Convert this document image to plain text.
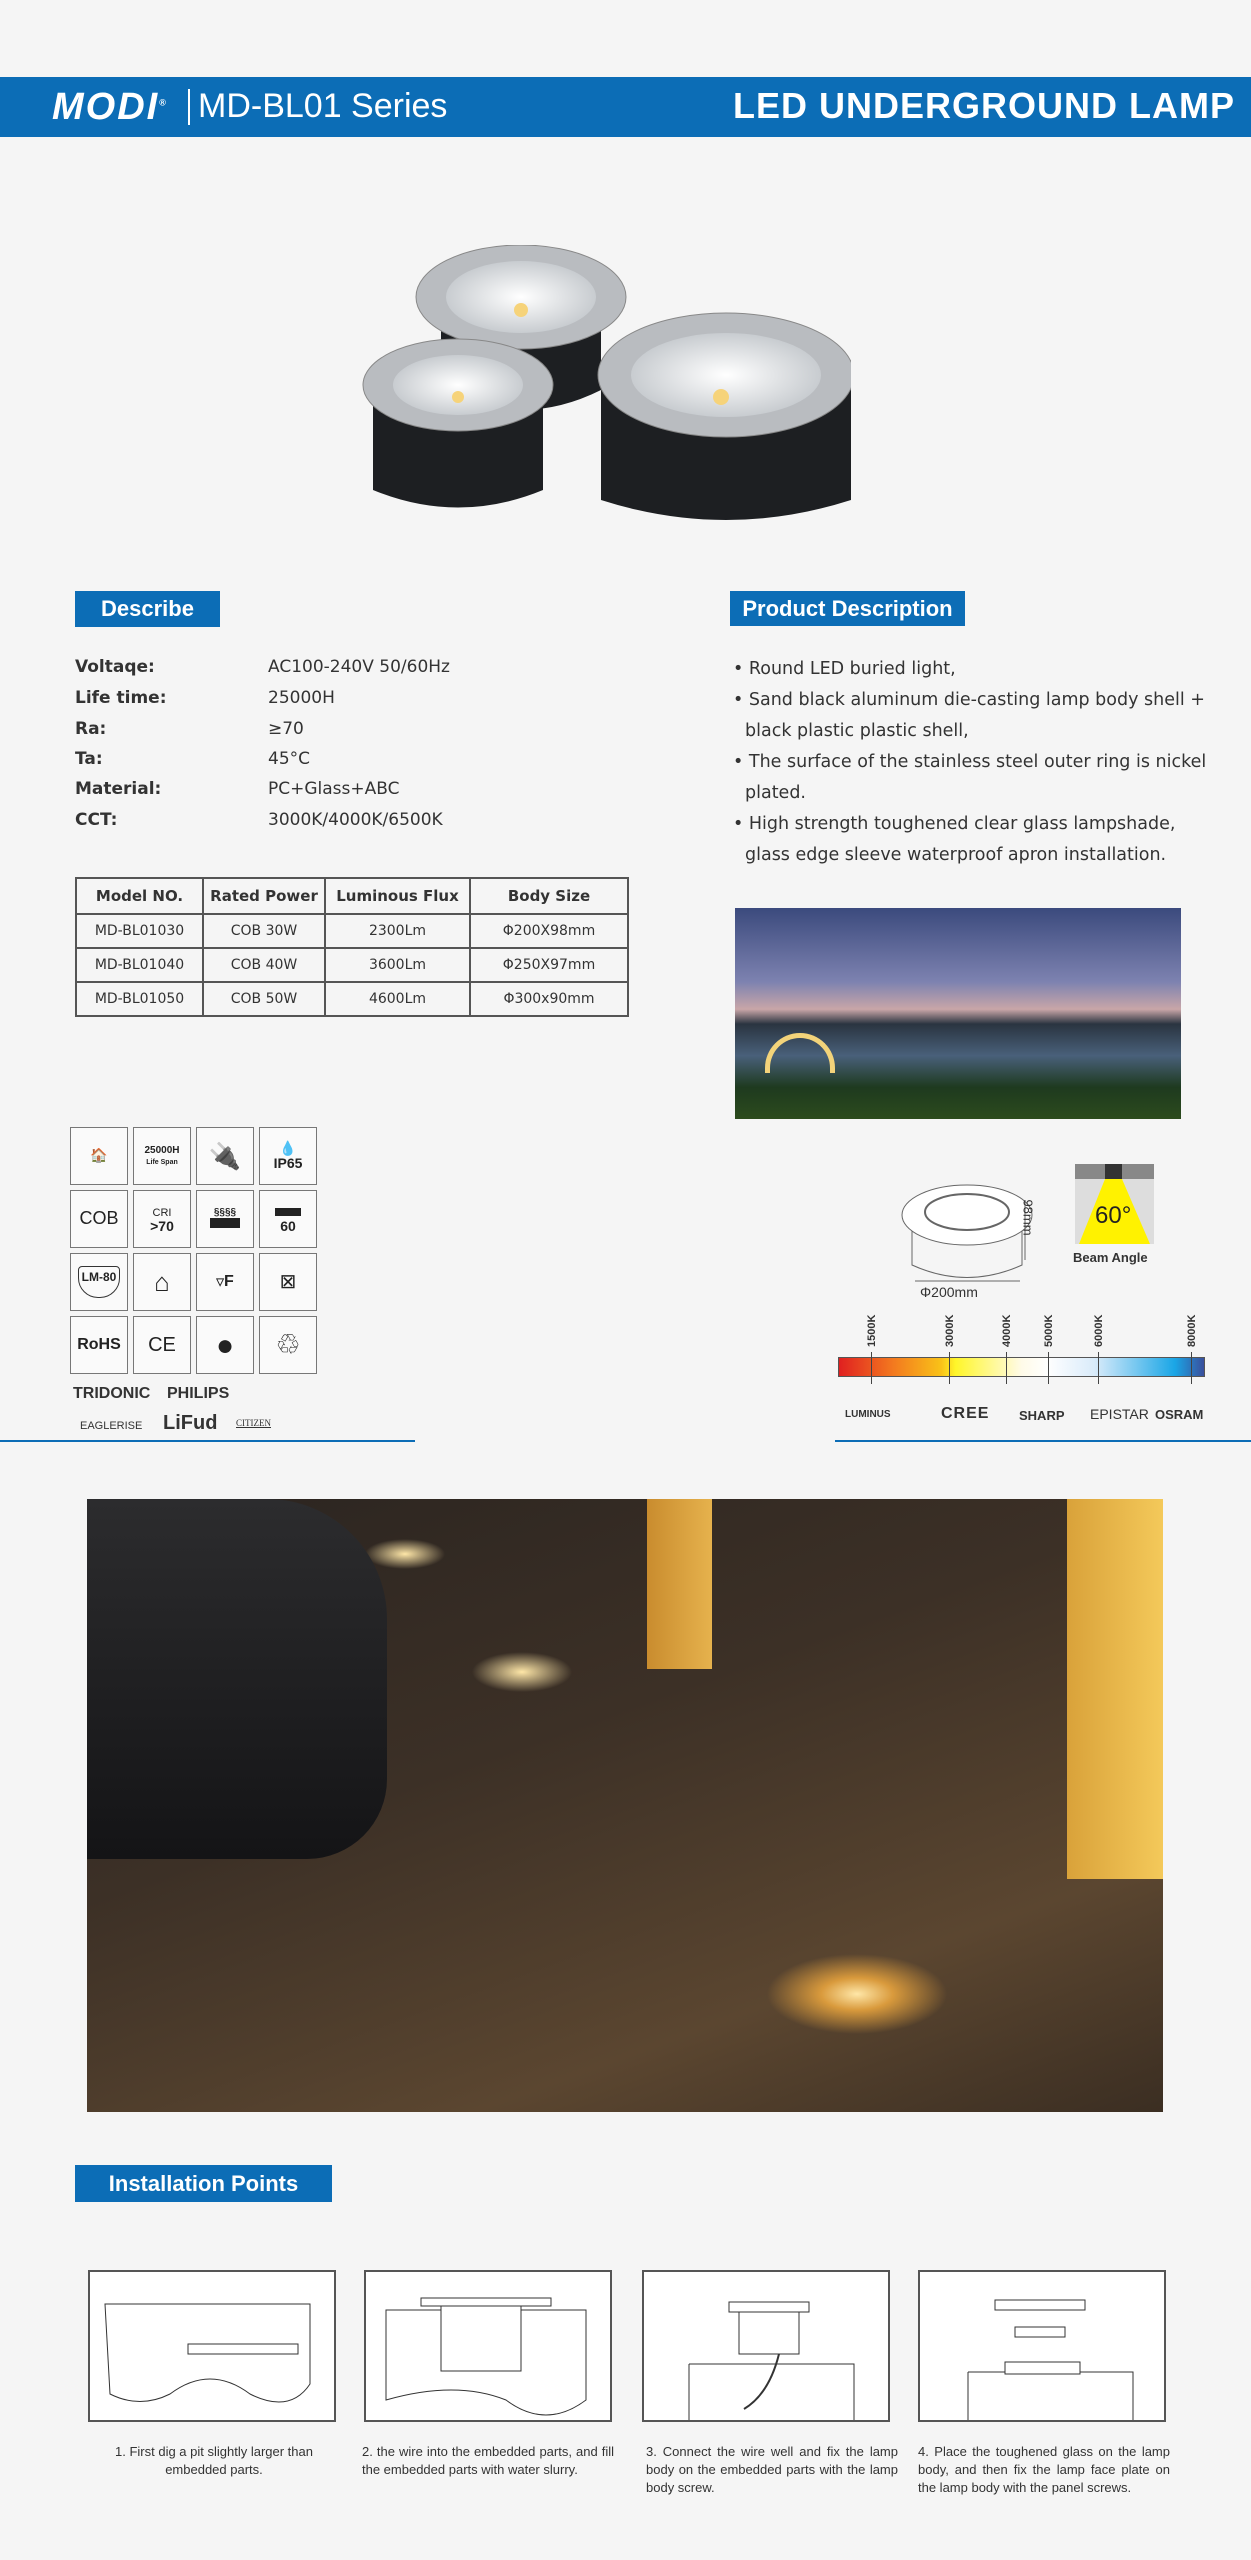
MODI® MD-BL01 Series	LED UNDERGROUND LAMP
Describe
Voltaqe:	AC100-240V 50/60Hz
Life time:	25000H
Ra:	≥70
Ta:	45°C
Material:	PC+Glass+ABC
CCT:	3000K/4000K/6500K
Model NO.	Rated Power	Luminous Flux	Body Size
MD-BL01030	COB 30W	2300Lm	Φ200X98mm
MD-BL01040	COB 40W	3600Lm	Φ250X97mm
MD-BL01050	COB 50W	4600Lm	Φ300x90mm
Product Description
• Round LED buried light,
• Sand black aluminum die-casting lamp body shell + black plastic plastic shell,
• The surface of the stainless steel outer ring is nickel plated.
• High strength toughened clear glass lampshade, glass edge sleeve waterproof apron installation.
🏠	25000H
Life Span	🔌	💧
IP65
COB	CRI
>70
§§§§

60
LM-80	⌂	▽ F	⊠
RoHS	CE	●	♲
TRIDONIC PHILIPS
EAGLERISE LiFud CITIZEN
98mm
Φ200mm
60°
Beam Angle
1500K	3000K	4000K	5000K	6000K	8000K
LUMINUS	CREE SHARP EPISTAR OSRAM
Installation Points
1. First dig a pit slightly larger than embedded parts.
2. the wire into the embedded parts, and fill the embedded parts with water slurry.
3. Connect the wire well and fix the lamp body on the embedded parts with the lamp body screw.
4. Place the toughened glass on the lamp body, and then fix the lamp face plate on the lamp body with the panel screws.
